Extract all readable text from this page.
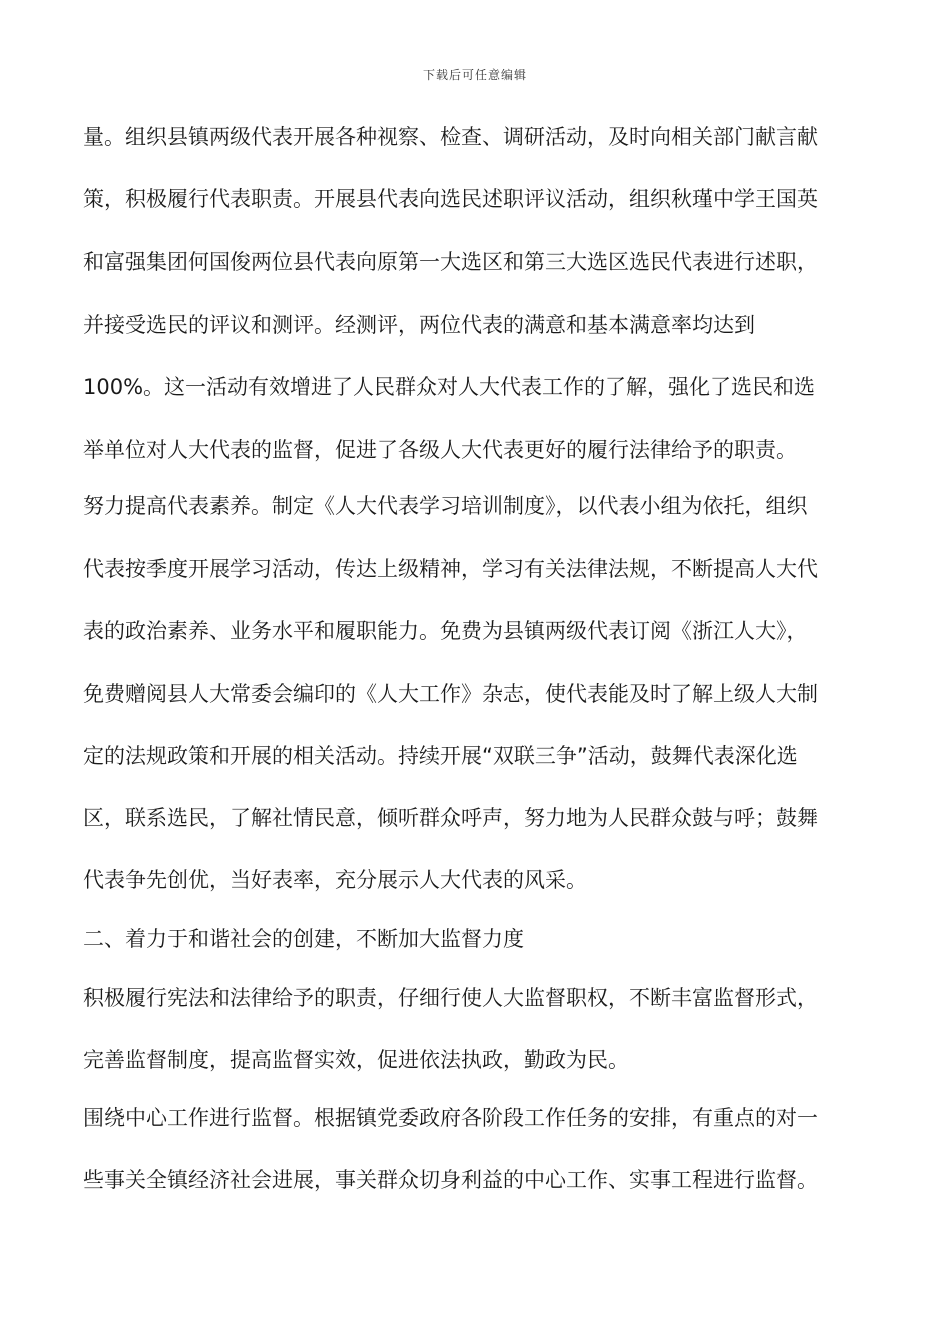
下载后可任意编辑
量。组织县镇两级代表开展各种视察、检查、调研活动，及时向相关部门献言献
策，积极履行代表职责。开展县代表向选民述职评议活动，组织秋瑾中学王国英
和富强集团何国俊两位县代表向原第一大选区和第三大选区选民代表进行述职，
并接受选民的评议和测评。经测评，两位代表的满意和基本满意率均达到
100%。这一活动有效增进了人民群众对人大代表工作的了解，强化了选民和选
举单位对人大代表的监督，促进了各级人大代表更好的履行法律给予的职责。
努力提高代表素养。制定《人大代表学习培训制度》，以代表小组为依托，组织
代表按季度开展学习活动，传达上级精神，学习有关法律法规，不断提高人大代
表的政治素养、业务水平和履职能力。免费为县镇两级代表订阅《浙江人大》，
免费赠阅县人大常委会编印的《人大工作》杂志，使代表能及时了解上级人大制
定的法规政策和开展的相关活动。持续开展“双联三争”活动，鼓舞代表深化选
区，联系选民，了解社情民意，倾听群众呼声，努力地为人民群众鼓与呼；鼓舞
代表争先创优，当好表率，充分展示人大代表的风采。
二、着力于和谐社会的创建，不断加大监督力度
积极履行宪法和法律给予的职责，仔细行使人大监督职权，不断丰富监督形式，
完善监督制度，提高监督实效，促进依法执政，勤政为民。
围绕中心工作进行监督。根据镇党委政府各阶段工作任务的安排，有重点的对一
些事关全镇经济社会进展，事关群众切身利益的中心工作、实事工程进行监督。
